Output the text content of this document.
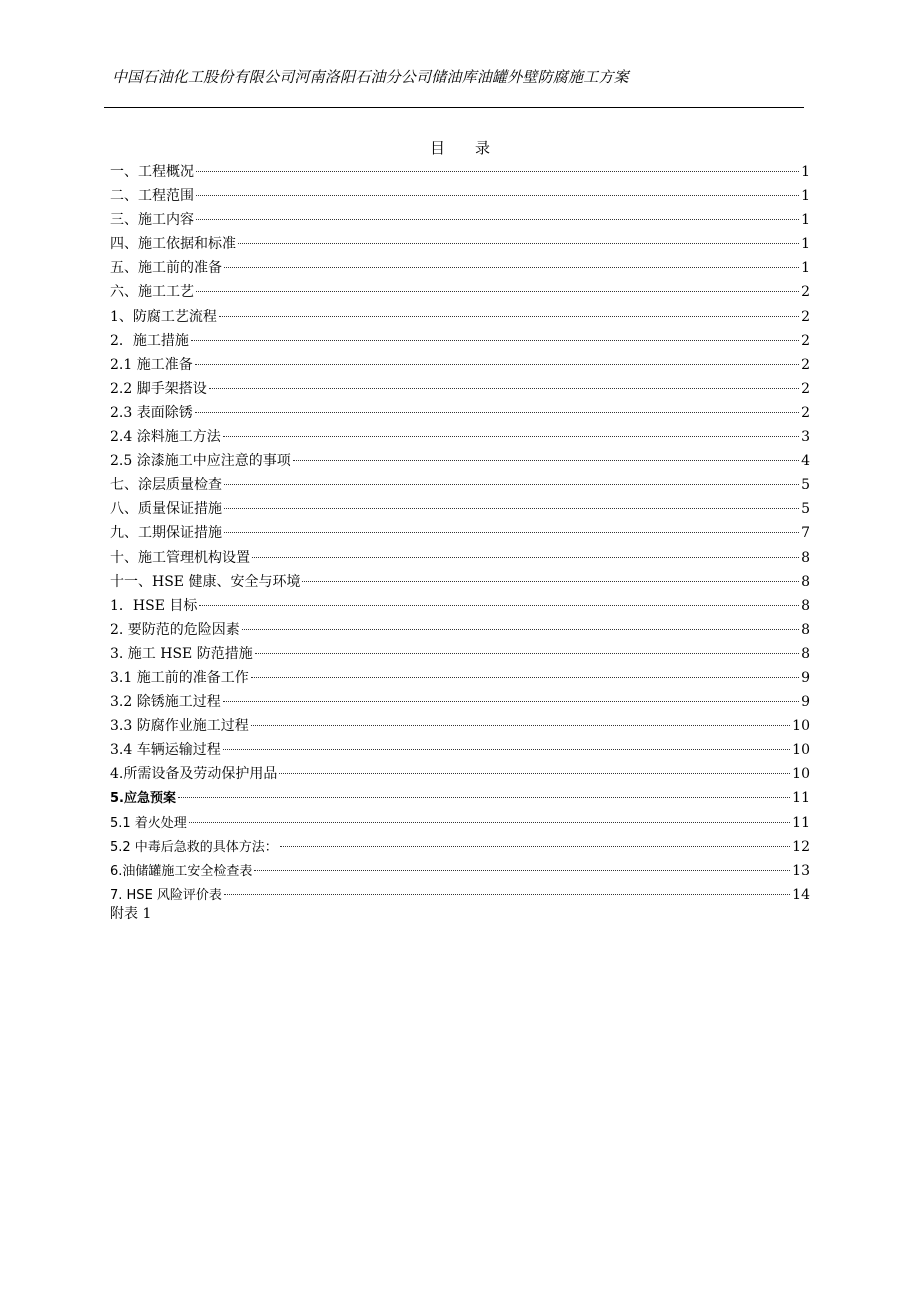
中国石油化工股份有限公司河南洛阳石油分公司储油库油罐外壁防腐施工方案
目录
一、工程概况	1
二、工程范围	1
三、施工内容	1
四、施工依据和标准	1
五、施工前的准备	1
六、施工工艺	2
1、防腐工艺流程	2
2．施工措施	2
2.1 施工准备	2
2.2 脚手架搭设	2
2.3 表面除锈	2
2.4 涂料施工方法	3
2.5 涂漆施工中应注意的事项	4
七、涂层质量检查	5
八、质量保证措施	5
九、工期保证措施	7
十、施工管理机构设置	8
十一、HSE 健康、安全与环境	8
1．HSE 目标	8
2. 要防范的危险因素	8
3. 施工 HSE 防范措施	8
3.1 施工前的准备工作	9
3.2 除锈施工过程	9
3.3 防腐作业施工过程	10
3.4 车辆运输过程	10
4.所需设备及劳动保护用品	10
5.应急预案	11
5.1 着火处理	11
5.2 中毒后急救的具体方法：	12
6.油储罐施工安全检查表	13
7. HSE 风险评价表	14
附表 1
